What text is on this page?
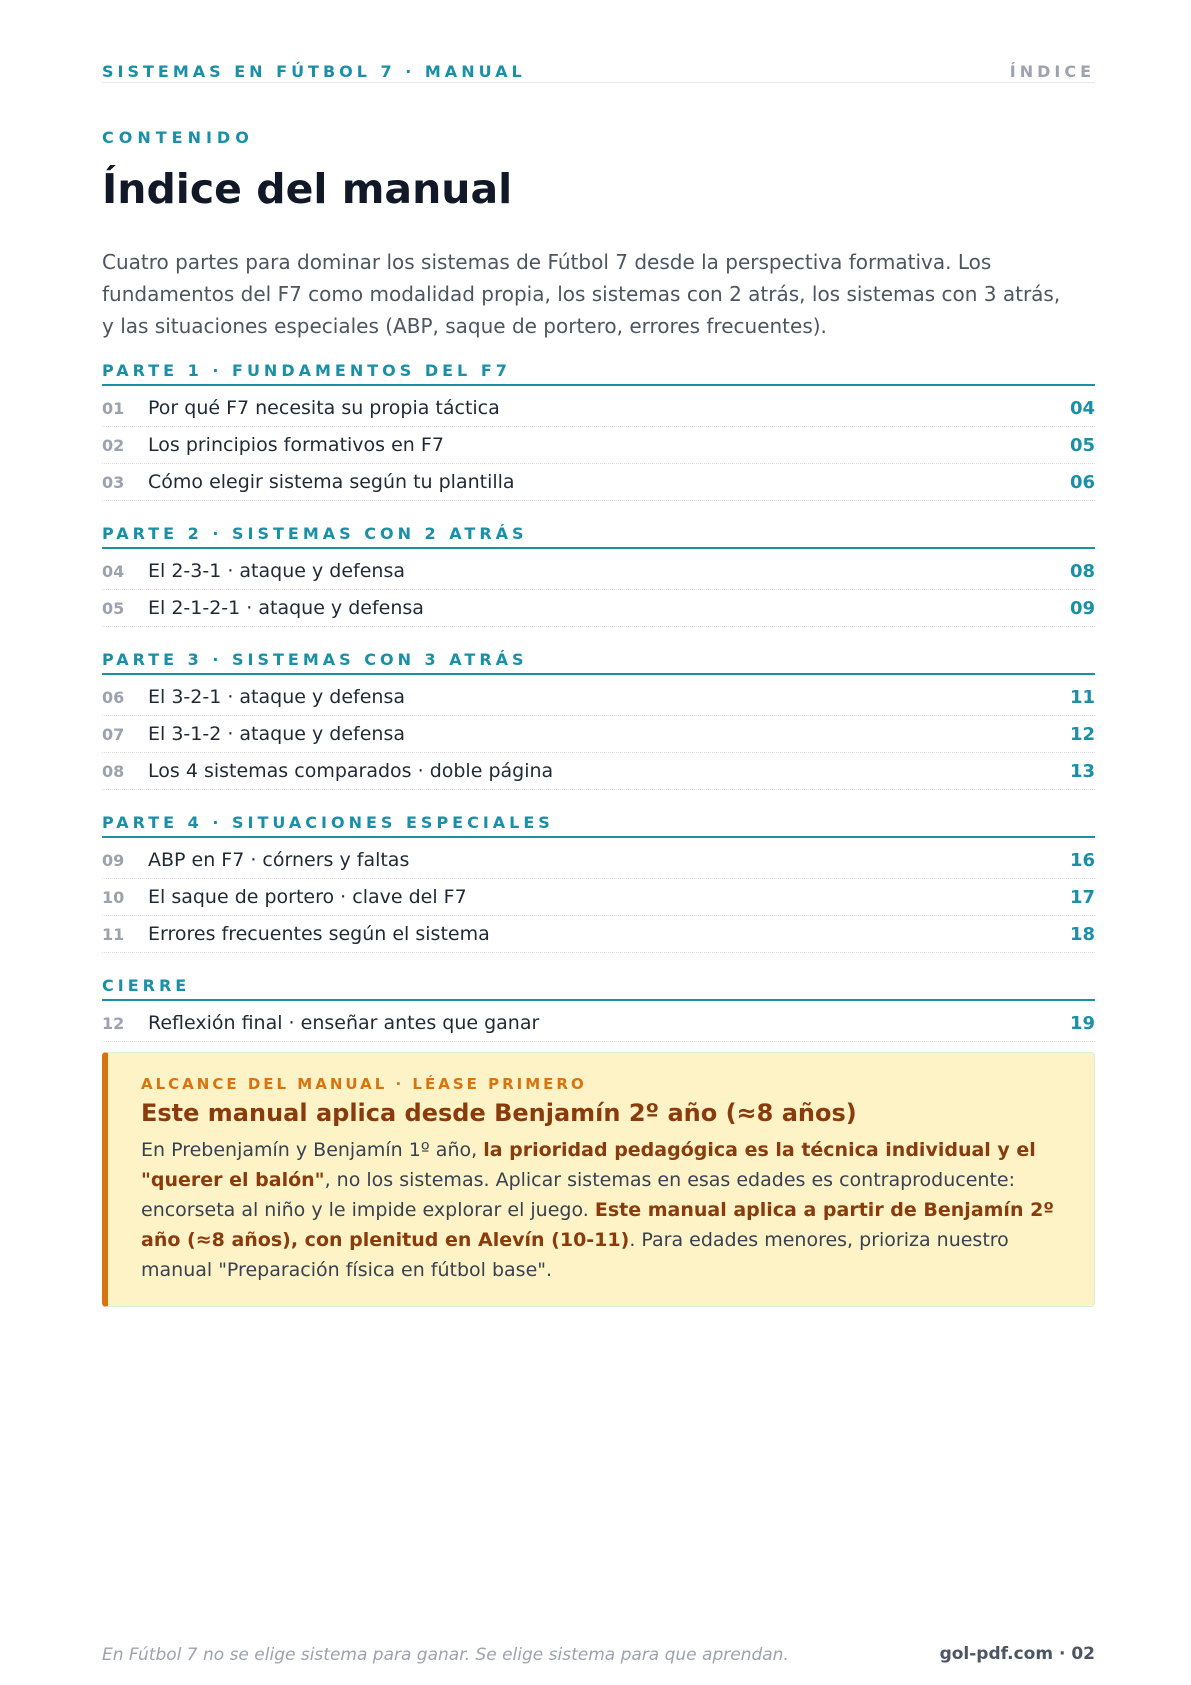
SISTEMAS EN FÚTBOL 7 · MANUAL	ÍNDICE
CONTENIDO
Índice del manual

Cuatro partes para dominar los sistemas de Fútbol 7 desde la perspectiva formativa. Los fundamentos del F7 como modalidad propia, los sistemas con 2 atrás, los sistemas con 3 atrás, y las situaciones especiales (ABP, saque de portero, errores frecuentes).

PARTE 1 · FUNDAMENTOS DEL F7
01 Por qué F7 necesita su propia táctica	04
02 Los principios formativos en F7	05
03 Cómo elegir sistema según tu plantilla	06
PARTE 2 · SISTEMAS CON 2 ATRÁS
04 El 2-3-1 · ataque y defensa	08
05 El 2-1-2-1 · ataque y defensa	09
PARTE 3 · SISTEMAS CON 3 ATRÁS
06 El 3-2-1 · ataque y defensa	11
07 El 3-1-2 · ataque y defensa	12
08 Los 4 sistemas comparados · doble página	13
PARTE 4 · SITUACIONES ESPECIALES
09 ABP en F7 · córners y faltas	16
10 El saque de portero · clave del F7	17
11 Errores frecuentes según el sistema	18
CIERRE
12 Reflexión final · enseñar antes que ganar	19
ALCANCE DEL MANUAL · LÉASE PRIMERO
Este manual aplica desde Benjamín 2º año (≈8 años)
En Prebenjamín y Benjamín 1º año, la prioridad pedagógica es la técnica individual y el "querer el balón", no los sistemas. Aplicar sistemas en esas edades es contraproducente: encorseta al niño y le impide explorar el juego. Este manual aplica a partir de Benjamín 2º año (≈8 años), con plenitud en Alevín (10-11). Para edades menores, prioriza nuestro manual "Preparación física en fútbol base".
En Fútbol 7 no se elige sistema para ganar. Se elige sistema para que aprendan.	gol-pdf.com · 02
